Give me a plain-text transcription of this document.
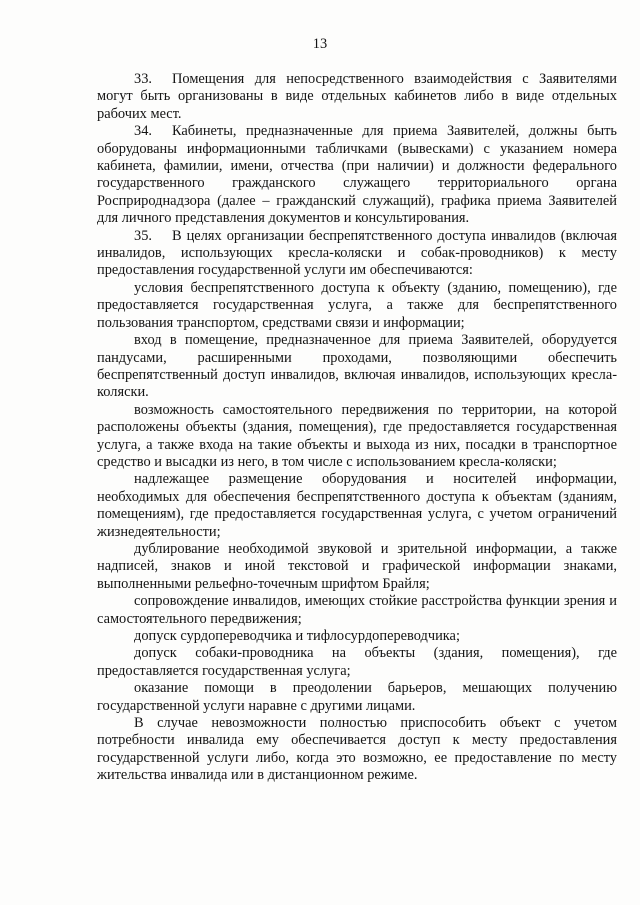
13

33. Помещения для непосредственного взаимодействия с Заявителями могут быть организованы в виде отдельных кабинетов либо в виде отдельных рабочих мест.

34. Кабинеты, предназначенные для приема Заявителей, должны быть оборудованы информационными табличками (вывесками) с указанием номера кабинета, фамилии, имени, отчества (при наличии) и должности федерального государственного гражданского служащего территориального органа Росприроднадзора (далее – гражданский служащий), графика приема Заявителей для личного представления документов и консультирования.

35. В целях организации беспрепятственного доступа инвалидов (включая инвалидов, использующих кресла-коляски и собак-проводников) к месту предоставления государственной услуги им обеспечиваются:

условия беспрепятственного доступа к объекту (зданию, помещению), где предоставляется государственная услуга, а также для беспрепятственного пользования транспортом, средствами связи и информации;

вход в помещение, предназначенное для приема Заявителей, оборудуется пандусами, расширенными проходами, позволяющими обеспечить беспрепятственный доступ инвалидов, включая инвалидов, использующих кресла-коляски.

возможность самостоятельного передвижения по территории, на которой расположены объекты (здания, помещения), где предоставляется государственная услуга, а также входа на такие объекты и выхода из них, посадки в транспортное средство и высадки из него, в том числе с использованием кресла-коляски;

надлежащее размещение оборудования и носителей информации, необходимых для обеспечения беспрепятственного доступа к объектам (зданиям, помещениям), где предоставляется государственная услуга, с учетом ограничений жизнедеятельности;

дублирование необходимой звуковой и зрительной информации, а также надписей, знаков и иной текстовой и графической информации знаками, выполненными рельефно-точечным шрифтом Брайля;

сопровождение инвалидов, имеющих стойкие расстройства функции зрения и самостоятельного передвижения;

допуск сурдопереводчика и тифлосурдопереводчика;

допуск собаки-проводника на объекты (здания, помещения), где предоставляется государственная услуга;

оказание помощи в преодолении барьеров, мешающих получению государственной услуги наравне с другими лицами.

В случае невозможности полностью приспособить объект с учетом потребности инвалида ему обеспечивается доступ к месту предоставления государственной услуги либо, когда это возможно, ее предоставление по месту жительства инвалида или в дистанционном режиме.
